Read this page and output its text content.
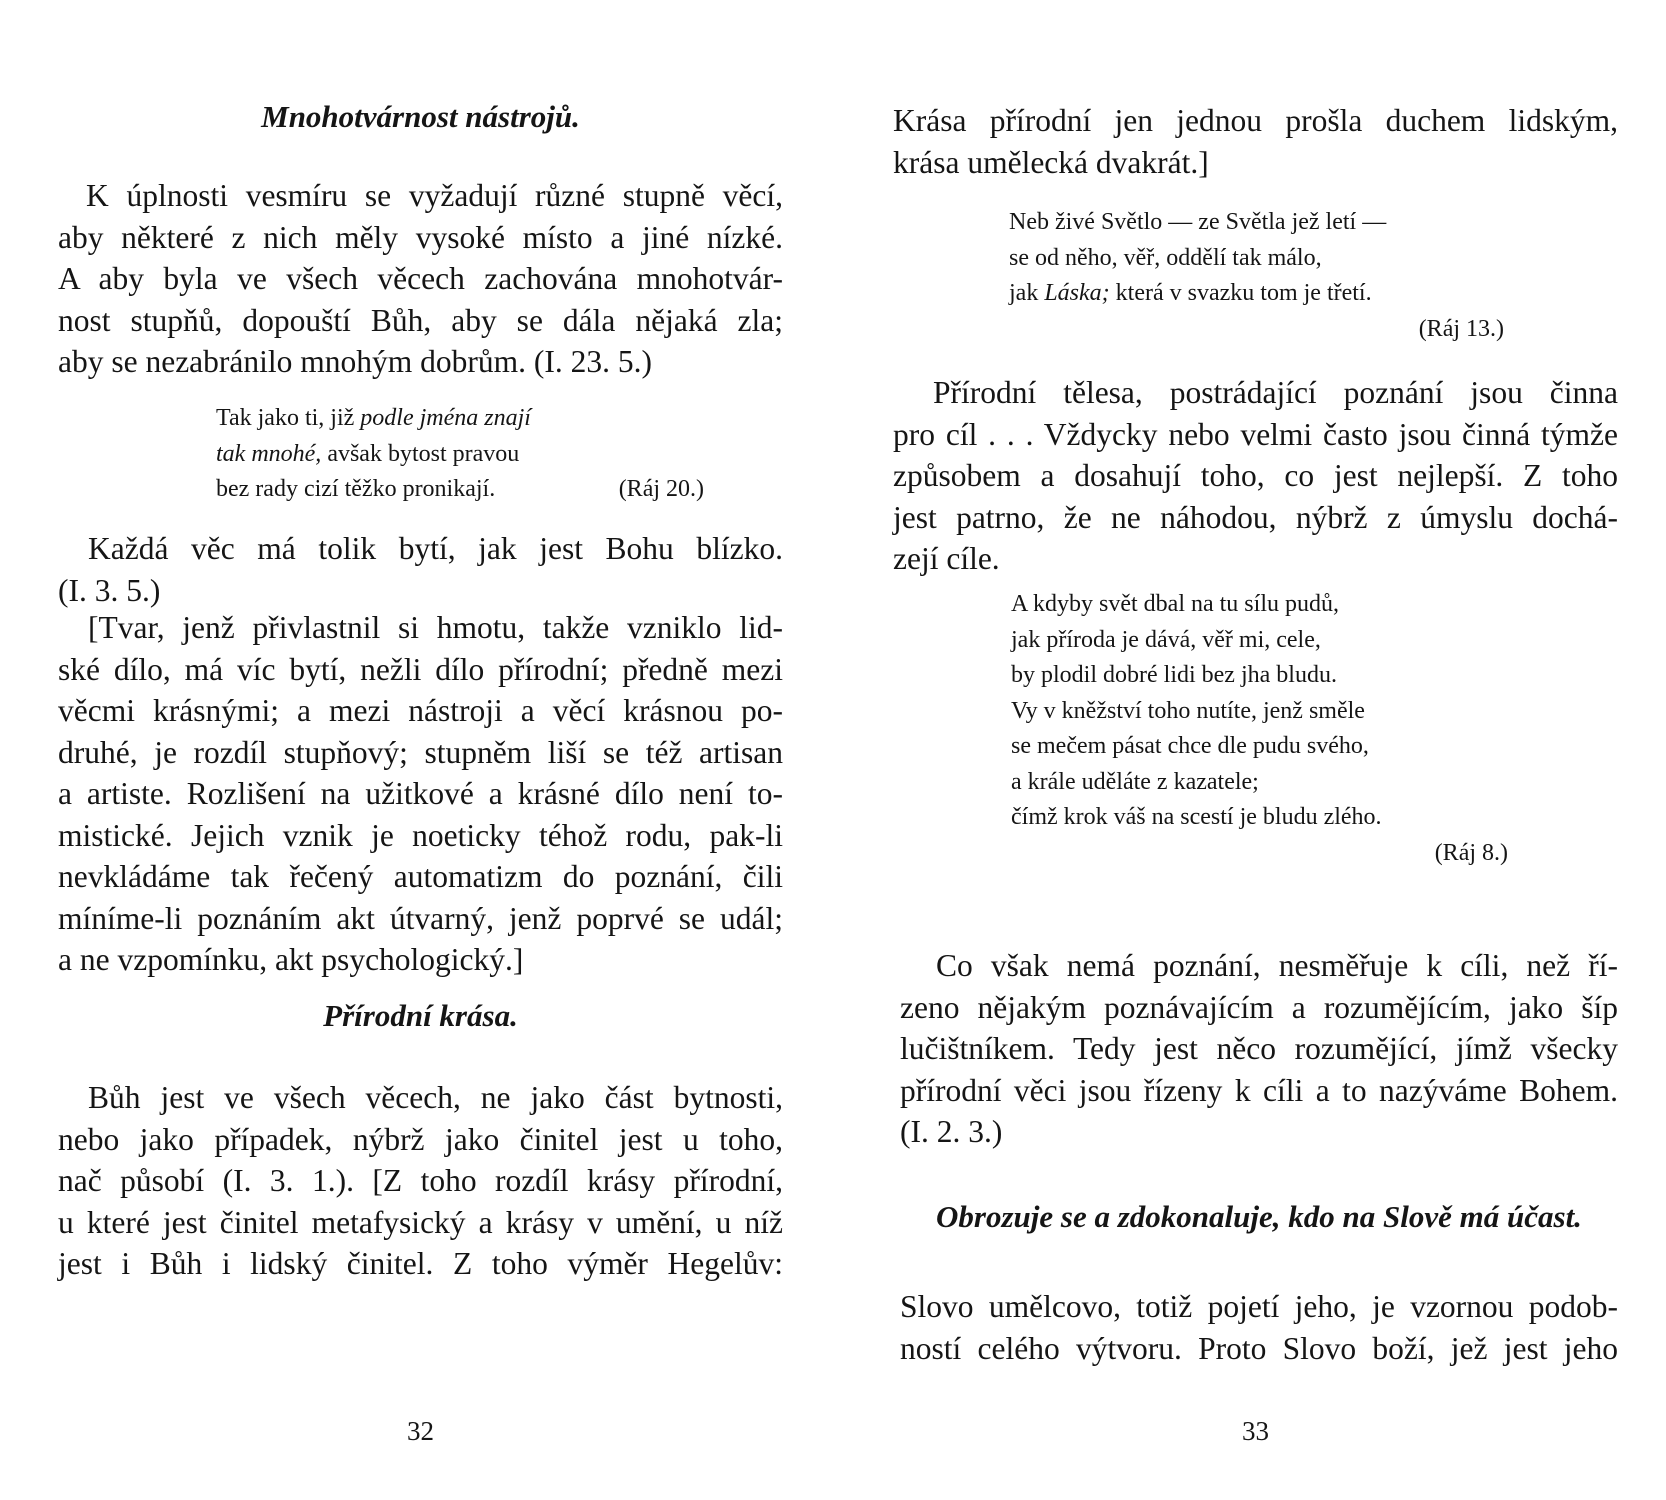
Mnohotvárnost nástrojů.
K úplnosti vesmíru se vyžadují různé stupně věcí,
aby některé z nich měly vysoké místo a jiné nízké.
A aby byla ve všech věcech zachována mnohotvár-
nost stupňů, dopouští Bůh, aby se dála nějaká zla;
aby se nezabránilo mnohým dobrům. (I. 23. 5.)
Tak jako ti, již podle jména znají
tak mnohé, avšak bytost pravou
bez rady cizí těžko pronikají.	(Ráj 20.)
Každá věc má tolik bytí, jak jest Bohu blízko.
(I. 3. 5.)
[Tvar, jenž přivlastnil si hmotu, takže vzniklo lid-
ské dílo, má víc bytí, nežli dílo přírodní; předně mezi
věcmi krásnými; a mezi nástroji a věcí krásnou po-
druhé, je rozdíl stupňový; stupněm liší se též artisan
a artiste. Rozlišení na užitkové a krásné dílo není to-
mistické. Jejich vznik je noeticky téhož rodu, pak-li
nevkládáme tak řečený automatizm do poznání, čili
míníme-li poznáním akt útvarný, jenž poprvé se udál;
a ne vzpomínku, akt psychologický.]
Přírodní krása.
Bůh jest ve všech věcech, ne jako část bytnosti,
nebo jako případek, nýbrž jako činitel jest u toho,
nač působí (I. 3. 1.). [Z toho rozdíl krásy přírodní,
u které jest činitel metafysický a krásy v umění, u níž
jest i Bůh i lidský činitel. Z toho výměr Hegelův:
32
Krása přírodní jen jednou prošla duchem lidským,
krása umělecká dvakrát.]
Neb živé Světlo — ze Světla jež letí —
se od něho, věř, oddělí tak málo,
jak Láska; která v svazku tom je třetí.
(Ráj 13.)
Přírodní tělesa, postrádající poznání jsou činna
pro cíl . . . Vždycky nebo velmi často jsou činná týmže
způsobem a dosahují toho, co jest nejlepší. Z toho
jest patrno, že ne náhodou, nýbrž z úmyslu dochá-
zejí cíle.
A kdyby svět dbal na tu sílu pudů,
jak příroda je dává, věř mi, cele,
by plodil dobré lidi bez jha bludu.
Vy v kněžství toho nutíte, jenž směle
se mečem pásat chce dle pudu svého,
a krále uděláte z kazatele;
čímž krok váš na scestí je bludu zlého.
(Ráj 8.)
Co však nemá poznání, nesměřuje k cíli, než ří-
zeno nějakým poznávajícím a rozumějícím, jako šíp
lučištníkem. Tedy jest něco rozumějící, jímž všecky
přírodní věci jsou řízeny k cíli a to nazýváme Bohem.
(I. 2. 3.)
Obrozuje se a zdokonaluje, kdo na Slově má účast.
Slovo umělcovo, totiž pojetí jeho, je vzornou podob-
ností celého výtvoru. Proto Slovo boží, jež jest jeho
33
